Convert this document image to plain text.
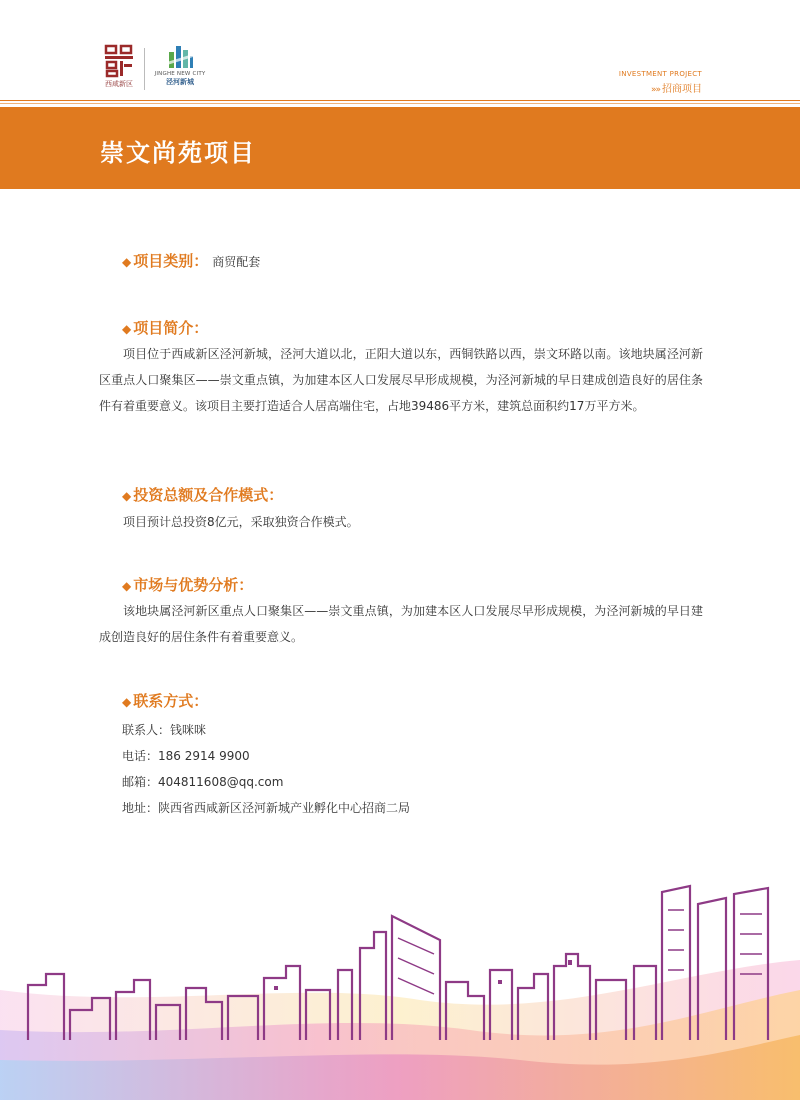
西咸新区
JINGHE NEW CITY
泾河新城
INVESTMENT PROJECT
»» 招商项目
崇文尚苑项目
◆ 项目类别： 商贸配套
◆ 项目简介：

项目位于西咸新区泾河新城，泾河大道以北，正阳大道以东，西铜铁路以西，崇文环路以南。该地块属泾河新区重点人口聚集区——崇文重点镇，为加建本区人口发展尽早形成规模，为泾河新城的早日建成创造良好的居住条件有着重要意义。该项目主要打造适合人居高端住宅，占地39486平方米，建筑总面积约17万平方米。

◆ 投资总额及合作模式：

项目预计总投资8亿元，采取独资合作模式。

◆ 市场与优势分析：

该地块属泾河新区重点人口聚集区——崇文重点镇，为加建本区人口发展尽早形成规模，为泾河新城的早日建成创造良好的居住条件有着重要意义。

◆ 联系方式：

联系人：钱咪咪

电话：186 2914 9900

邮箱：404811608@qq.com

地址：陕西省西咸新区泾河新城产业孵化中心招商二局
